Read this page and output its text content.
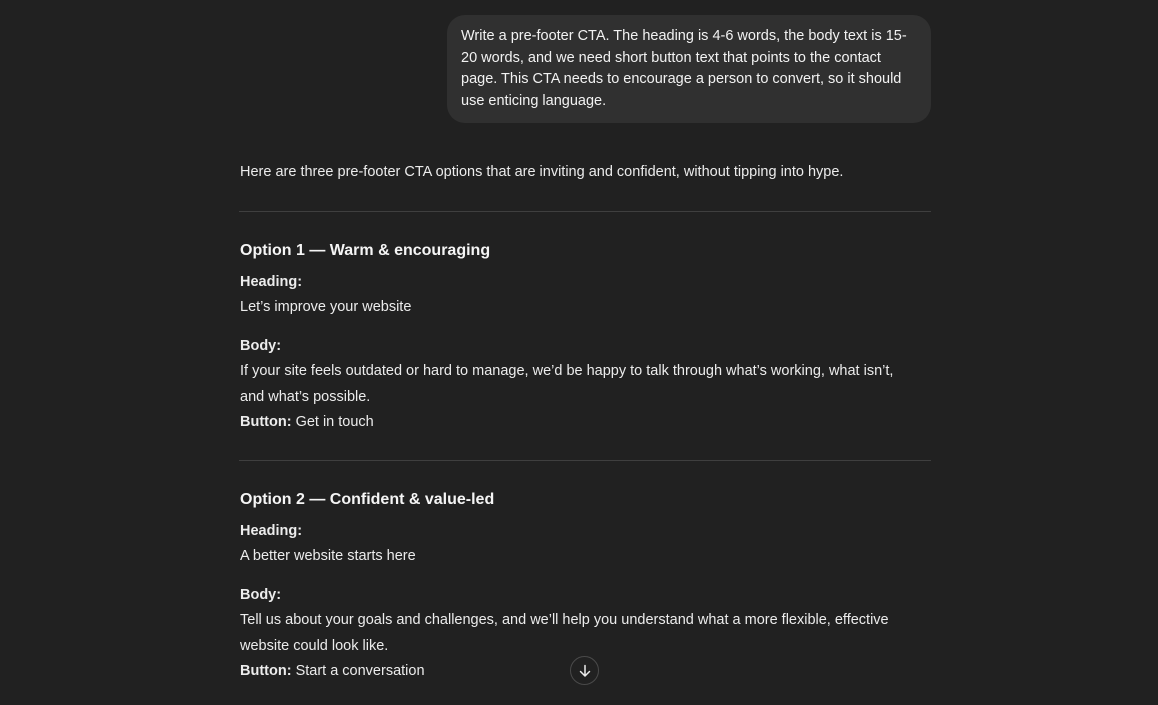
Write a pre-footer CTA. The heading is 4-6 words, the body text is 15-20 words, and we need short button text that points to the contact page. This CTA needs to encourage a person to convert, so it should use enticing language.

Here are three pre-footer CTA options that are inviting and confident, without tipping into hype.

Option 1 — Warm & encouraging

Heading:

Let’s improve your website

Body:

If your site feels outdated or hard to manage, we’d be happy to talk through what’s working, what isn’t, and what’s possible.

Button: Get in touch

Option 2 — Confident & value-led

Heading:

A better website starts here

Body:

Tell us about your goals and challenges, and we’ll help you understand what a more flexible, effective website could look like.

Button: Start a conversation
